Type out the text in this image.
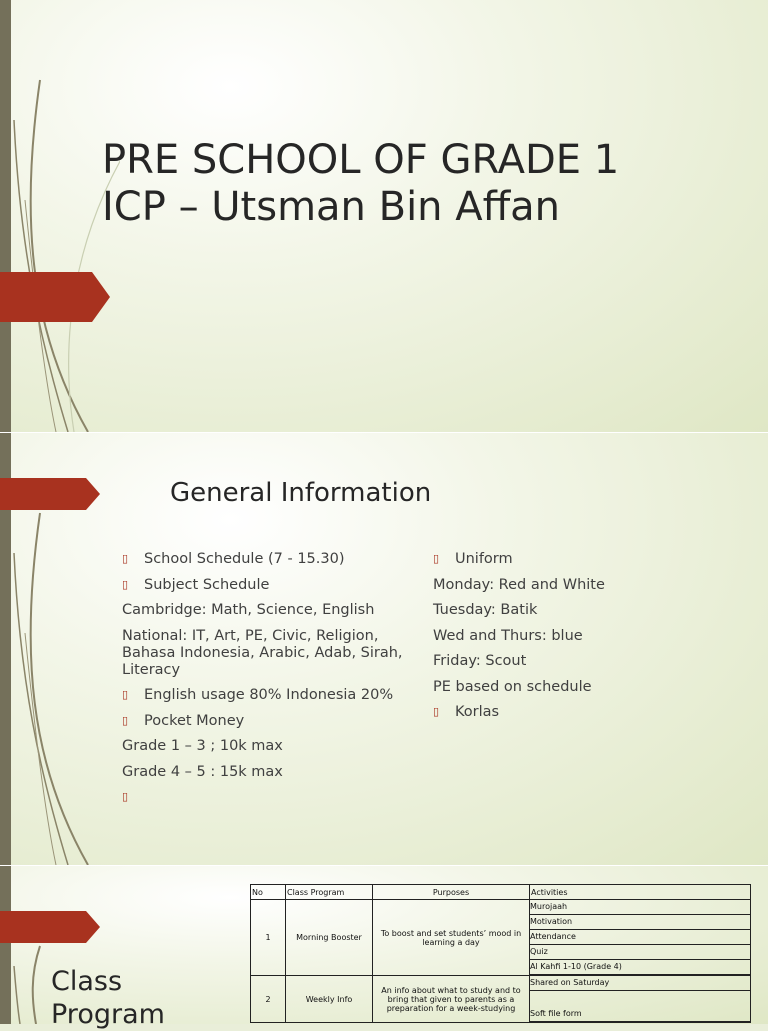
PRE SCHOOL OF GRADE 1
ICP – Utsman Bin Affan
General Information
▯ School Schedule (7 - 15.30)
▯ Subject Schedule
Cambridge: Math, Science, English
National: IT, Art, PE, Civic, Religion, Bahasa Indonesia, Arabic, Adab, Sirah, Literacy
▯ English usage 80% Indonesia 20%
▯ Pocket Money
Grade 1 – 3 ; 10k max
Grade 4 – 5 : 15k max
▯
▯ Uniform
Monday: Red and White
Tuesday: Batik
Wed and Thurs: blue
Friday: Scout
PE based on schedule
▯ Korlas
Class
Program
No	Class Program	Purposes	Activities
1	Morning Booster	To boost and set students’ mood in learning a day	Murojaah
Motivation
Attendance
Quiz
Al Kahfi 1-10 (Grade 4)

2	Weekly Info	An info about what to study and to bring that given to parents as a preparation for a week-studying	Shared on Saturday
Soft file form
